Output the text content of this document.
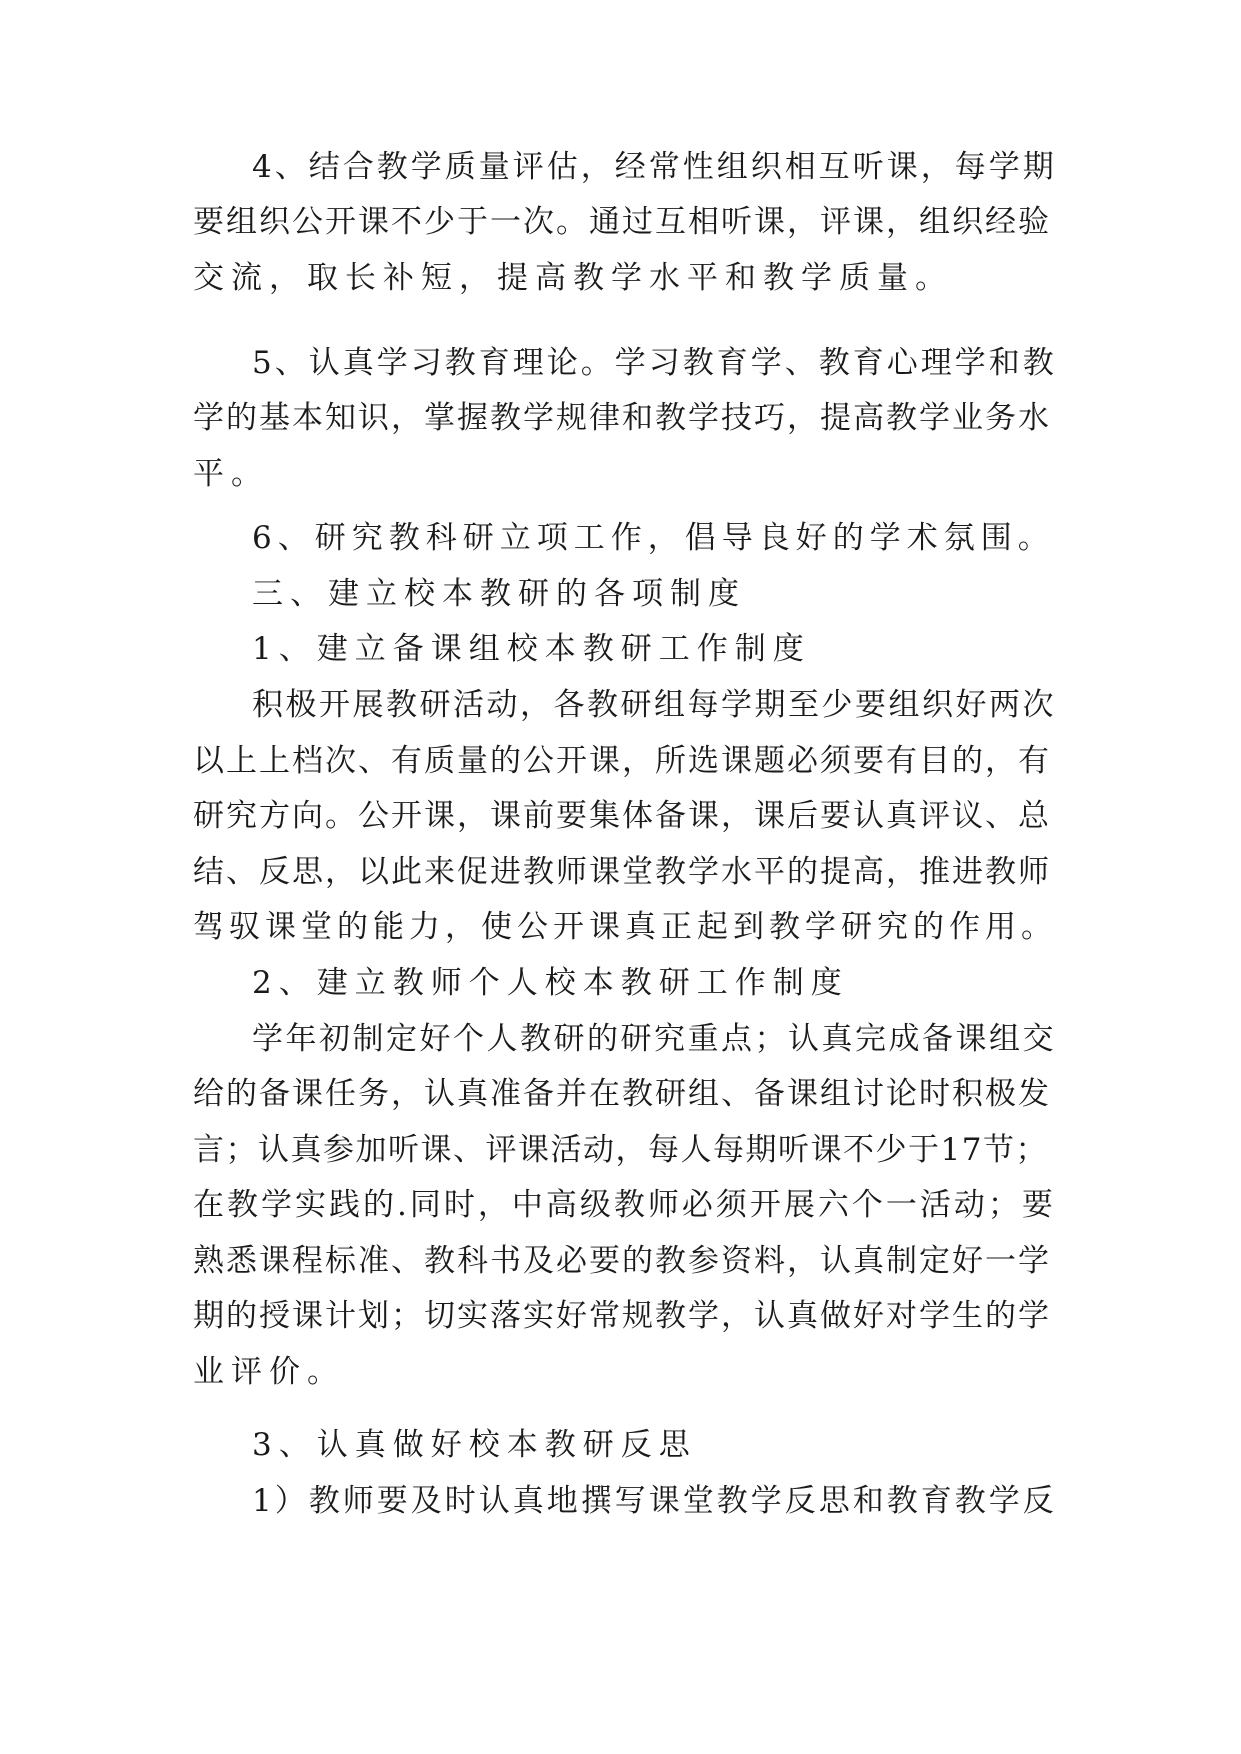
4、结合教学质量评估，经常性组织相互听课，每学期
要组织公开课不少于一次。通过互相听课，评课，组织经验
交流，取长补短，提高教学水平和教学质量。
5、认真学习教育理论。学习教育学、教育心理学和教
学的基本知识，掌握教学规律和教学技巧，提高教学业务水
平。
6、研究教科研立项工作，倡导良好的学术氛围。
三、建立校本教研的各项制度
1、建立备课组校本教研工作制度
积极开展教研活动，各教研组每学期至少要组织好两次
以上上档次、有质量的公开课，所选课题必须要有目的，有
研究方向。公开课，课前要集体备课，课后要认真评议、总
结、反思，以此来促进教师课堂教学水平的提高，推进教师
驾驭课堂的能力，使公开课真正起到教学研究的作用。
2、建立教师个人校本教研工作制度
学年初制定好个人教研的研究重点；认真完成备课组交
给的备课任务，认真准备并在教研组、备课组讨论时积极发
言；认真参加听课、评课活动，每人每期听课不少于17节；
在教学实践的.同时，中高级教师必须开展六个一活动；要
熟悉课程标准、教科书及必要的教参资料，认真制定好一学
期的授课计划；切实落实好常规教学，认真做好对学生的学
业评价。
3、认真做好校本教研反思
1）教师要及时认真地撰写课堂教学反思和教育教学反
